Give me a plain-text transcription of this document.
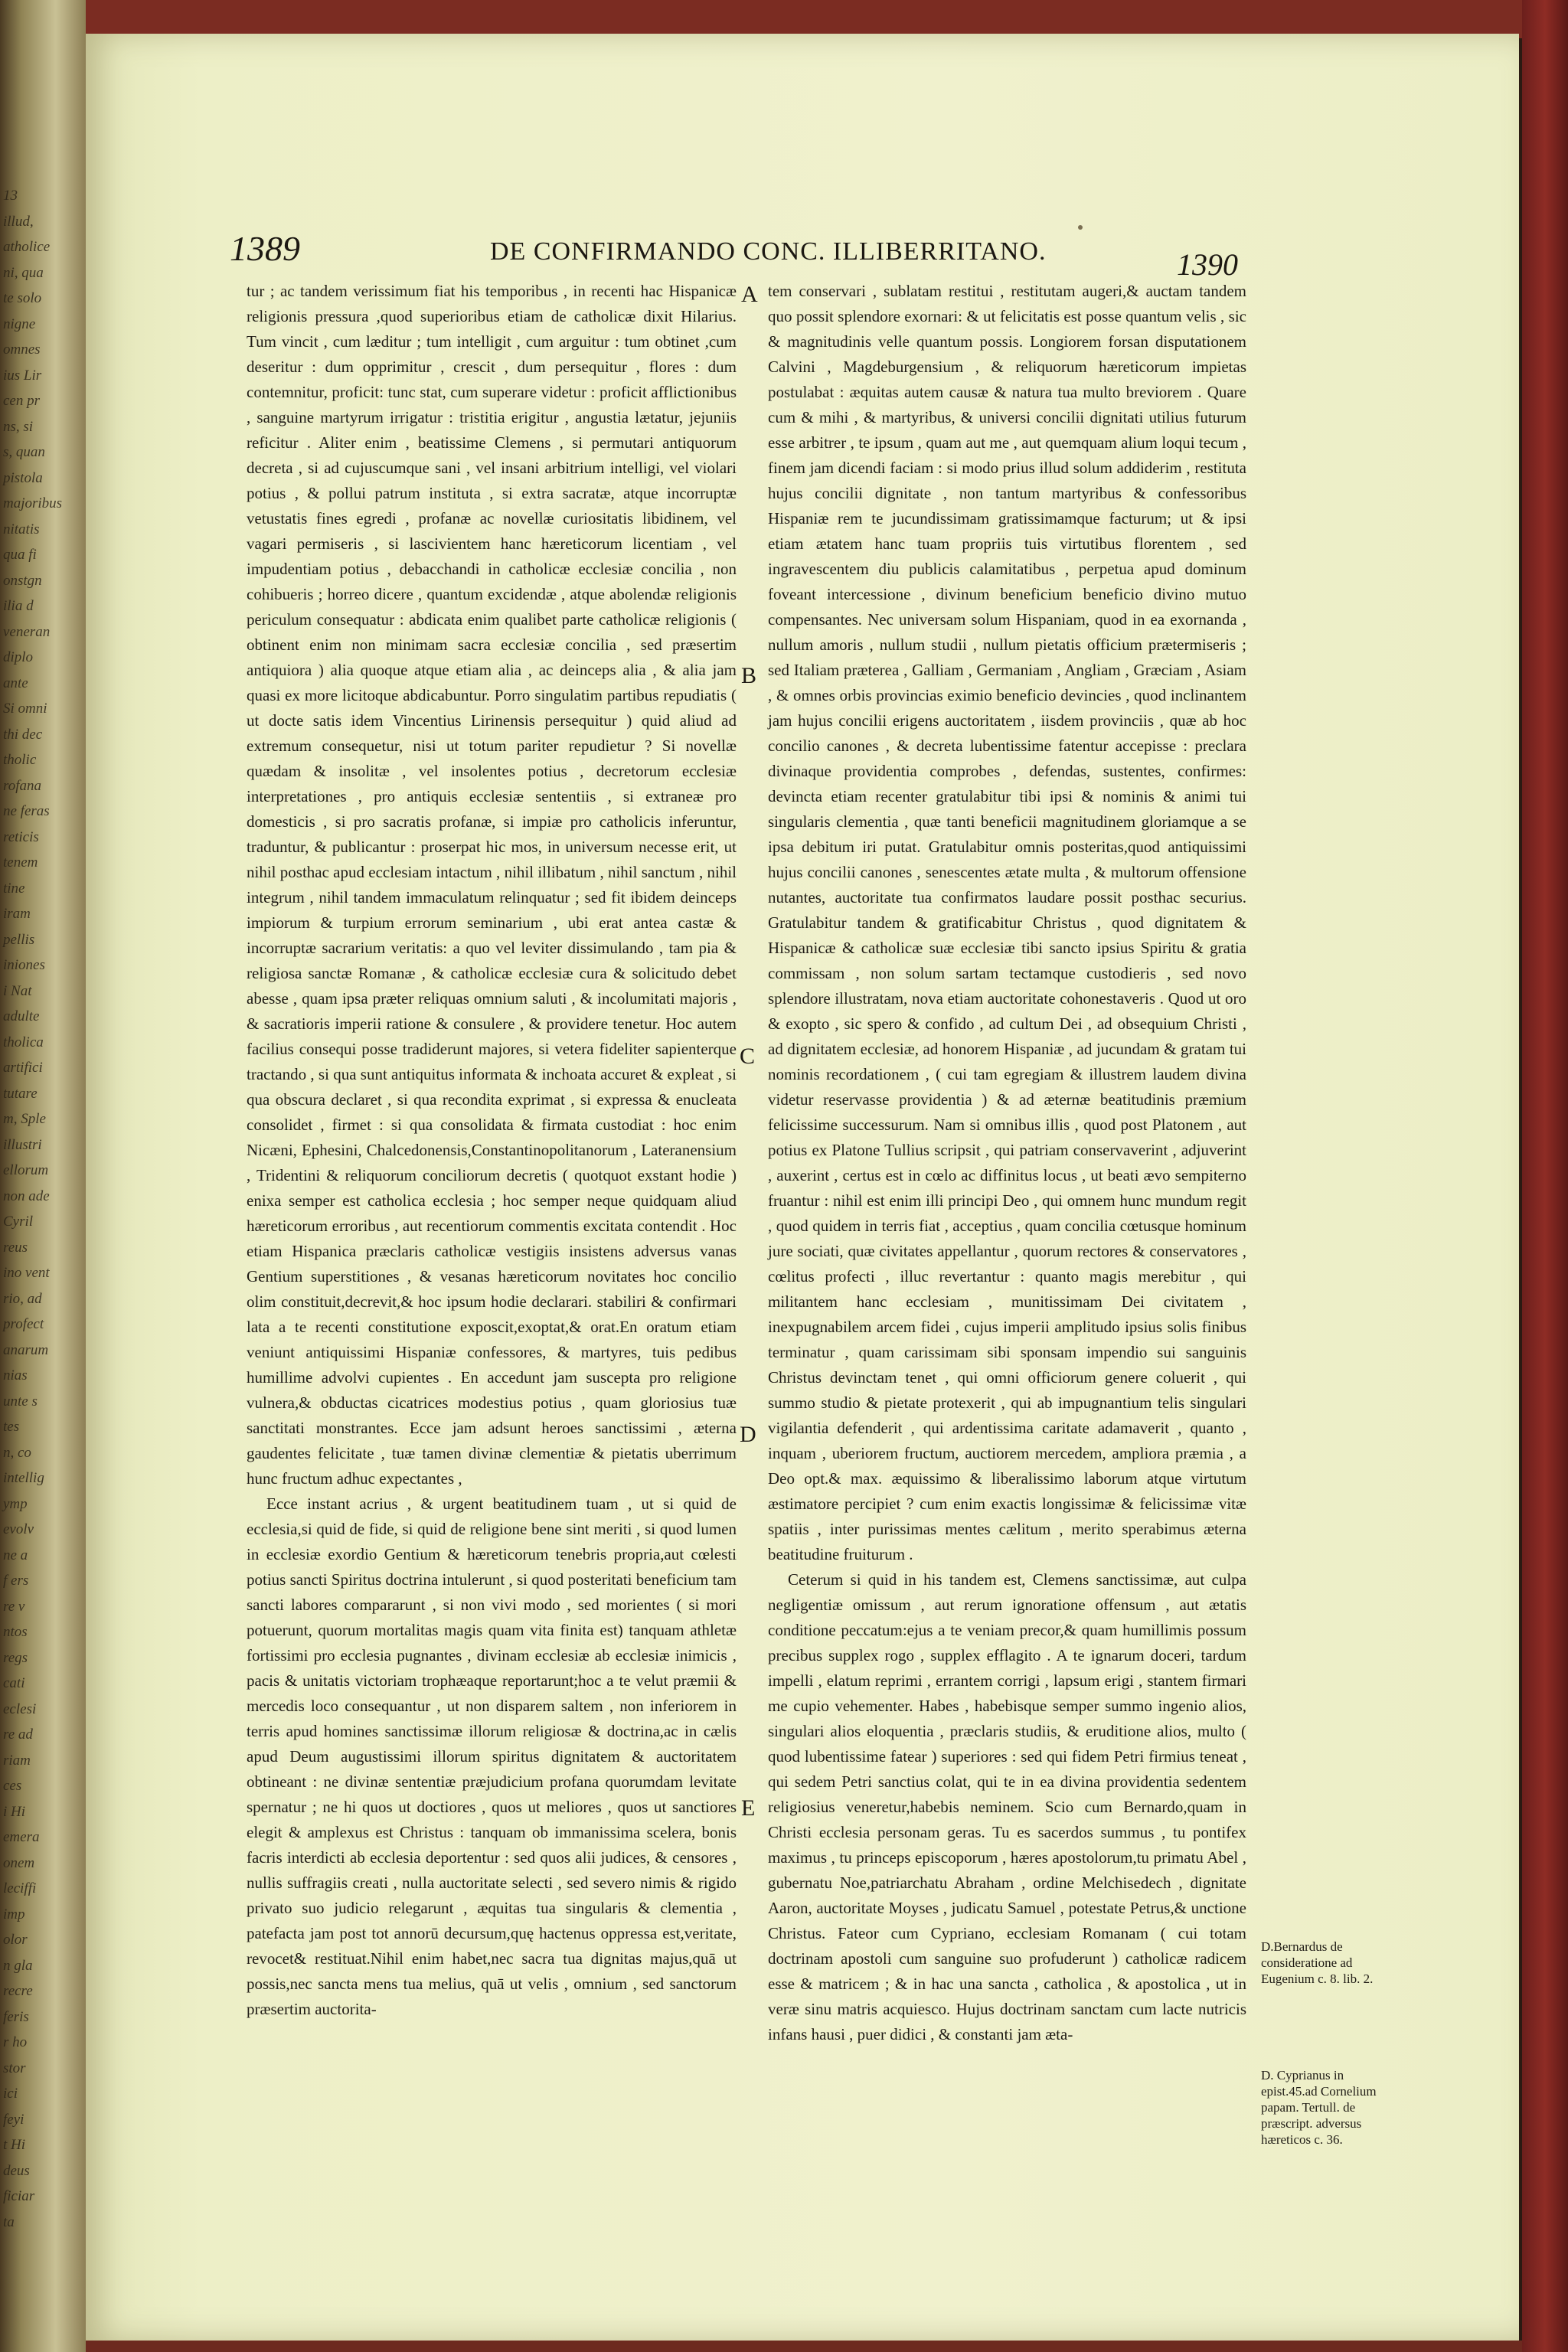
13
illud,
atholice
ni, qua
te solo
nigne
omnes
ius Lir
cen pr
ns, si
s, quan
pistola
majoribus
nitatis
qua fi
onstgn
ilia d
veneran
diplo
ante
Si omni
thi dec
tholic
rofana
ne feras
reticis
tenem
tine
iram
pellis
iniones
i Nat
adulte
tholica
artifici
tutare
m, Sple
illustri
ellorum
non ade
Cyril
reus
ino vent
rio, ad
profect
anarum
nias
unte s
tes
n, co
intellig
ymp
evolv
ne a
f ers
re v
ntos
regs
cati
eclesi
re ad
riam
ces
i Hi
emera
onem
leciffi
imp
olor
n gla
recre
feris
r ho
stor
ici
feyi
t Hi
deus
ficiar
ta
1389	DE CONFIRMANDO CONC. ILLIBERRITANO.	1390

tur ; ac tandem verissimum fiat his temporibus , in recenti hac Hispanicæ religionis pressura ,quod superioribus etiam de catholicæ dixit Hilarius. Tum vincit , cum læditur ; tum intelligit , cum arguitur : tum obtinet ,cum deseritur : dum opprimitur , crescit , dum persequitur , flores : dum contemnitur, proficit: tunc stat, cum superare videtur : proficit afflictionibus , sanguine martyrum irrigatur : tristitia erigitur , angustia lætatur, jejuniis reficitur . Aliter enim , beatissime Clemens , si permutari antiquorum decreta , si ad cujuscumque sani , vel insani arbitrium intelligi, vel violari potius , & pollui patrum instituta , si extra sacratæ, atque incorruptæ vetustatis fines egredi , profanæ ac novellæ curiositatis libidinem, vel vagari permiseris , si lascivientem hanc hæreticorum licentiam , vel impudentiam potius , debacchandi in catholicæ ecclesiæ concilia , non cohibueris ; horreo dicere , quantum excidendæ , atque abolendæ religionis periculum consequatur : abdicata enim qualibet parte catholicæ religionis ( obtinent enim non minimam sacra ecclesiæ concilia , sed præsertim antiquiora ) alia quoque atque etiam alia , ac deinceps alia , & alia jam quasi ex more licitoque abdicabuntur. Porro singulatim partibus repudiatis ( ut docte satis idem Vincentius Lirinensis persequitur ) quid aliud ad extremum consequetur, nisi ut totum pariter repudietur ? Si novellæ quædam & insolitæ , vel insolentes potius , decretorum ecclesiæ interpretationes , pro antiquis ecclesiæ sententiis , si extraneæ pro domesticis , si pro sacratis profanæ, si impiæ pro catholicis inferuntur, traduntur, & publicantur : proserpat hic mos, in universum necesse erit, ut nihil posthac apud ecclesiam intactum , nihil illibatum , nihil sanctum , nihil integrum , nihil tandem immaculatum relinquatur ; sed fit ibidem deinceps impiorum & turpium errorum seminarium , ubi erat antea castæ & incorruptæ sacrarium veritatis: a quo vel leviter dissimulando , tam pia & religiosa sanctæ Romanæ , & catholicæ ecclesiæ cura & solicitudo debet abesse , quam ipsa præter reliquas omnium saluti , & incolumitati majoris , & sacratioris imperii ratione & consulere , & providere tenetur. Hoc autem facilius consequi posse tradiderunt majores, si vetera fideliter sapienterque tractando , si qua sunt antiquitus informata & inchoata accuret & expleat , si qua obscura declaret , si qua recondita exprimat , si expressa & enucleata consolidet , firmet : si qua consolidata & firmata custodiat : hoc enim Nicæni, Ephesini, Chalcedonensis,Constantinopolitanorum , Lateranensium , Tridentini & reliquorum conciliorum decretis ( quotquot exstant hodie ) enixa semper est catholica ecclesia ; hoc semper neque quidquam aliud hæreticorum erroribus , aut recentiorum commentis excitata contendit . Hoc etiam Hispanica præclaris catholicæ vestigiis insistens adversus vanas Gentium superstitiones , & vesanas hæreticorum novitates hoc concilio olim constituit,decrevit,& hoc ipsum hodie declarari. stabiliri & confirmari lata a te recenti constitutione exposcit,exoptat,& orat.En oratum etiam veniunt antiquissimi Hispaniæ confessores, & martyres, tuis pedibus humillime advolvi cupientes . En accedunt jam suscepta pro religione vulnera,& obductas cicatrices modestius potius , quam gloriosius tuæ sanctitati monstrantes. Ecce jam adsunt heroes sanctissimi , æterna gaudentes felicitate , tuæ tamen divinæ clementiæ & pietatis uberrimum hunc fructum adhuc expectantes ,

Ecce instant acrius , & urgent beatitudinem tuam , ut si quid de ecclesia,si quid de fide, si quid de religione bene sint meriti , si quod lumen in ecclesiæ exordio Gentium & hæreticorum tenebris propria,aut cœlesti potius sancti Spiritus doctrina intulerunt , si quod posteritati beneficium tam sancti labores compararunt , si non vivi modo , sed morientes ( si mori potuerunt, quorum mortalitas magis quam vita finita est) tanquam athletæ fortissimi pro ecclesia pugnantes , divinam ecclesiæ ab ecclesiæ inimicis , pacis & unitatis victoriam trophæaque reportarunt;hoc a te velut præmii & mercedis loco consequantur , ut non disparem saltem , non inferiorem in terris apud homines sanctissimæ illorum religiosæ & doctrina,ac in cælis apud Deum augustissimi illorum spiritus dignitatem & auctoritatem obtineant : ne divinæ sententiæ præjudicium profana quorumdam levitate spernatur ; ne hi quos ut doctiores , quos ut meliores , quos ut sanctiores elegit & amplexus est Christus : tanquam ob immanissima scelera, bonis facris interdicti ab ecclesia deportentur : sed quos alii judices, & censores , nullis suffragiis creati , nulla auctoritate selecti , sed severo nimis & rigido privato suo judicio relegarunt , æquitas tua singularis & clementia , patefacta jam post tot annorū decursum,quę hactenus oppressa est,veritate, revocet& restituat.Nihil enim habet,nec sacra tua dignitas majus,quā ut possis,nec sancta mens tua melius, quā ut velis , omnium , sed sanctorum præsertim auctorita-

tem conservari , sublatam restitui , restitutam augeri,& auctam tandem quo possit splendore exornari: & ut felicitatis est posse quantum velis , sic & magnitudinis velle quantum possis. Longiorem forsan disputationem Calvini , Magdeburgensium , & reliquorum hæreticorum impietas postulabat : æquitas autem causæ & natura tua multo breviorem . Quare cum & mihi , & martyribus, & universi concilii dignitati utilius futurum esse arbitrer , te ipsum , quam aut me , aut quemquam alium loqui tecum , finem jam dicendi faciam : si modo prius illud solum addiderim , restituta hujus concilii dignitate , non tantum martyribus & confessoribus Hispaniæ rem te jucundissimam gratissimamque facturum; ut & ipsi etiam ætatem hanc tuam propriis tuis virtutibus florentem , sed ingravescentem diu publicis calamitatibus , perpetua apud dominum foveant intercessione , divinum beneficium beneficio divino mutuo compensantes. Nec universam solum Hispaniam, quod in ea exornanda , nullum amoris , nullum studii , nullum pietatis officium prætermiseris ; sed Italiam præterea , Galliam , Germaniam , Angliam , Græciam , Asiam , & omnes orbis provincias eximio beneficio devincies , quod inclinantem jam hujus concilii erigens auctoritatem , iisdem provinciis , quæ ab hoc concilio canones , & decreta lubentissime fatentur accepisse : preclara divinaque providentia comprobes , defendas, sustentes, confirmes: devincta etiam recenter gratulabitur tibi ipsi & nominis & animi tui singularis clementia , quæ tanti beneficii magnitudinem gloriamque a se ipsa debitum iri putat. Gratulabitur omnis posteritas,quod antiquissimi hujus concilii canones , senescentes ætate multa , & multorum offensione nutantes, auctoritate tua confirmatos laudare possit posthac securius. Gratulabitur tandem & gratificabitur Christus , quod dignitatem & Hispanicæ & catholicæ suæ ecclesiæ tibi sancto ipsius Spiritu & gratia commissam , non solum sartam tectamque custodieris , sed novo splendore illustratam, nova etiam auctoritate cohonestaveris . Quod ut oro & exopto , sic spero & confido , ad cultum Dei , ad obsequium Christi , ad dignitatem ecclesiæ, ad honorem Hispaniæ , ad jucundam & gratam tui nominis recordationem , ( cui tam egregiam & illustrem laudem divina videtur reservasse providentia ) & ad æternæ beatitudinis præmium felicissime successurum. Nam si omnibus illis , quod post Platonem , aut potius ex Platone Tullius scripsit , qui patriam conservaverint , adjuverint , auxerint , certus est in cœlo ac diffinitus locus , ut beati ævo sempiterno fruantur : nihil est enim illi principi Deo , qui omnem hunc mundum regit , quod quidem in terris fiat , acceptius , quam concilia cœtusque hominum jure sociati, quæ civitates appellantur , quorum rectores & conservatores , cœlitus profecti , illuc revertantur : quanto magis merebitur , qui militantem hanc ecclesiam , munitissimam Dei civitatem , inexpugnabilem arcem fidei , cujus imperii amplitudo ipsius solis finibus terminatur , quam carissimam sibi sponsam impendio sui sanguinis Christus devinctam tenet , qui omni officiorum genere coluerit , qui summo studio & pietate protexerit , qui ab impugnantium telis singulari vigilantia defenderit , qui ardentissima caritate adamaverit , quanto , inquam , uberiorem fructum, auctiorem mercedem, ampliora præmia , a Deo opt.& max. æquissimo & liberalissimo laborum atque virtutum æstimatore percipiet ? cum enim exactis longissimæ & felicissimæ vitæ spatiis , inter purissimas mentes cælitum , merito sperabimus æterna beatitudine fruiturum .

Ceterum si quid in his tandem est, Clemens sanctissimæ, aut culpa negligentiæ omissum , aut rerum ignoratione offensum , aut ætatis conditione peccatum:ejus a te veniam precor,& quam humillimis possum precibus supplex rogo , supplex efflagito . A te ignarum doceri, tardum impelli , elatum reprimi , errantem corrigi , lapsum erigi , stantem firmari me cupio vehementer. Habes , habebisque semper summo ingenio alios, singulari alios eloquentia , præclaris studiis, & eruditione alios, multo ( quod lubentissime fatear ) superiores : sed qui fidem Petri firmius teneat , qui sedem Petri sanctius colat, qui te in ea divina providentia sedentem religiosius veneretur,habebis neminem. Scio cum Bernardo,quam in Christi ecclesia personam geras. Tu es sacerdos summus , tu pontifex maximus , tu princeps episcoporum , hæres apostolorum,tu primatu Abel , gubernatu Noe,patriarchatu Abraham , ordine Melchisedech , dignitate Aaron, auctoritate Moyses , judicatu Samuel , potestate Petrus,& unctione Christus. Fateor cum Cypriano, ecclesiam Romanam ( cui totam doctrinam apostoli cum sanguine suo profuderunt ) catholicæ radicem esse & matricem ; & in hac una sancta , catholica , & apostolica , ut in veræ sinu matris acquiesco. Hujus doctrinam sanctam cum lacte nutricis infans hausi , puer didici , & constanti jam æta-

A
B
C
D
E
D.Bernardus de consideratione ad Eugenium c. 8. lib. 2.
D. Cyprianus in epist.45.ad Cornelium papam. Tertull. de præscript. adversus hæreticos c. 36.
